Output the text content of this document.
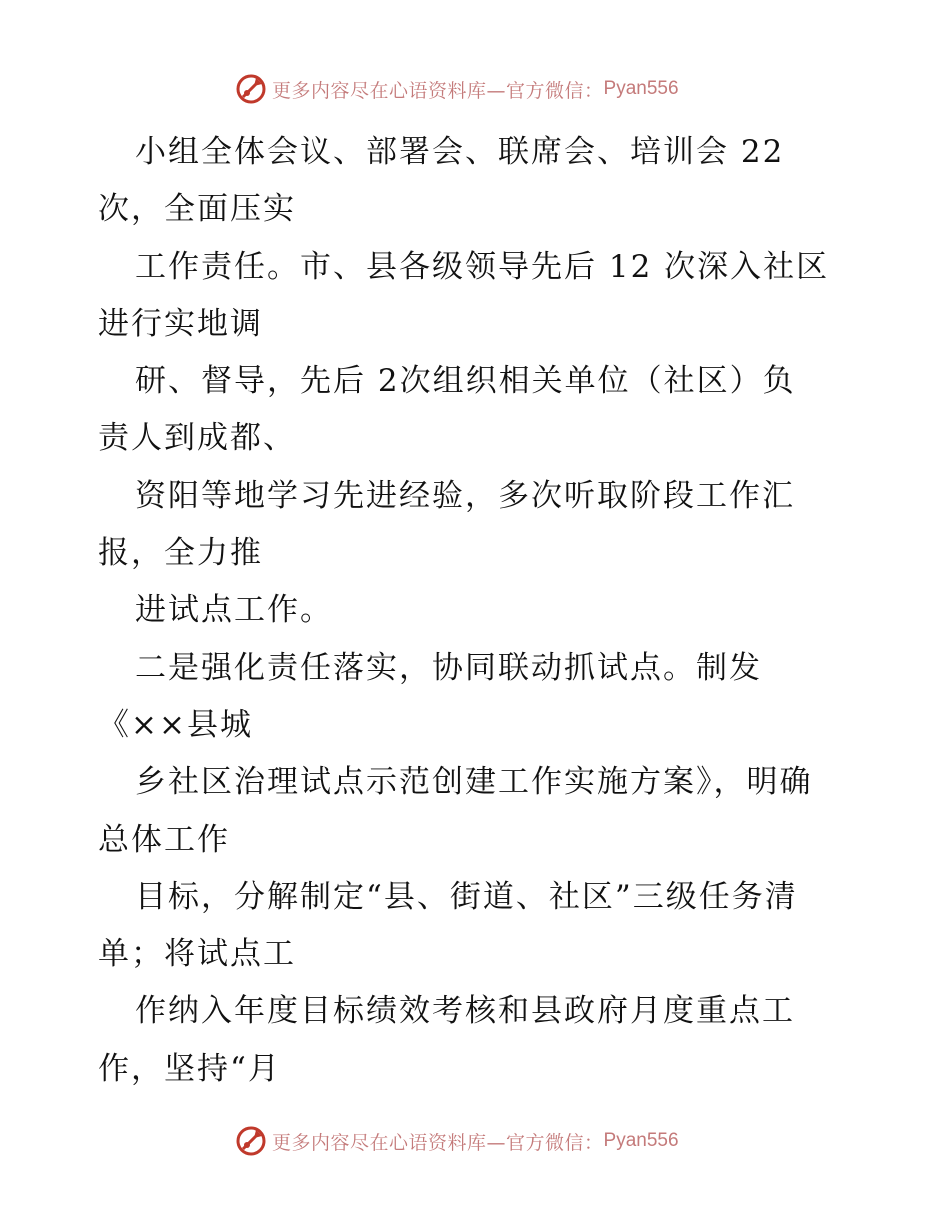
更多内容尽在心语资料库—官方微信： Pyan556
小组全体会议、部署会、联席会、培训会 22
次，全面压实
工作责任。市、县各级领导先后 12 次深入社区
进行实地调
研、督导，先后 2次组织相关单位（社区）负
责人到成都、
资阳等地学习先进经验，多次听取阶段工作汇
报，全力推
进试点工作。
二是强化责任落实，协同联动抓试点。制发
《××县城
乡社区治理试点示范创建工作实施方案》，明确
总体工作
目标，分解制定“县、街道、社区”三级任务清
单；将试点工
作纳入年度目标绩效考核和县政府月度重点工
作，坚持“月
更多内容尽在心语资料库—官方微信： Pyan556
